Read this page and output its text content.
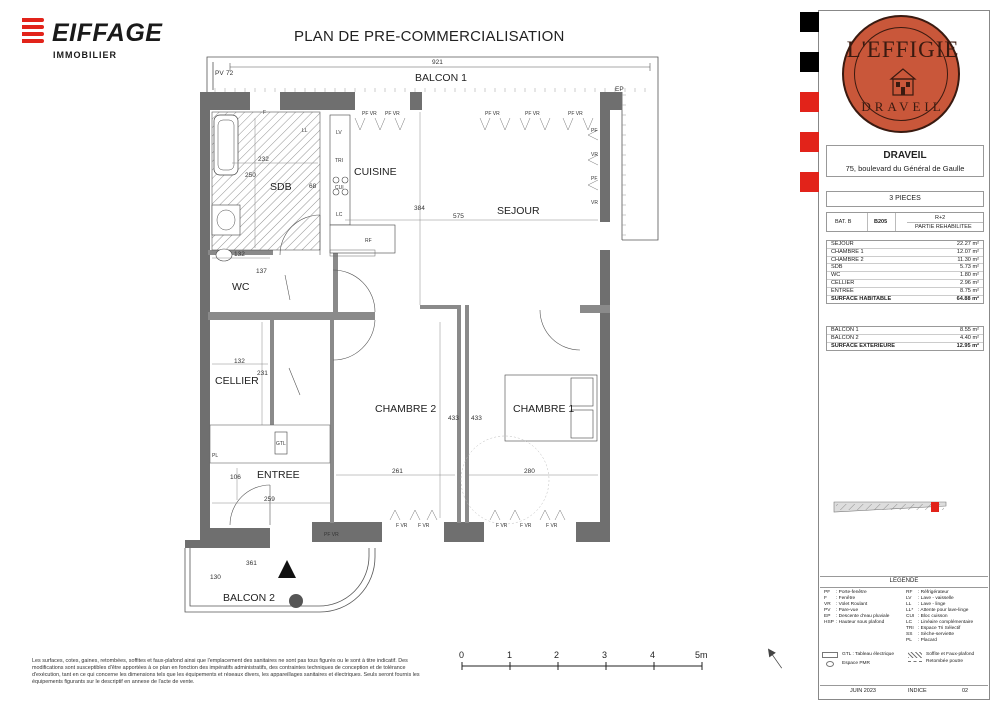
EIFFAGE
IMMOBILIER
PLAN DE PRE-COMMERCIALISATION
BALCON 1
CUISINE
SEJOUR
SDB
WC
CELLIER
CHAMBRE 2	CHAMBRE 1
ENTREE
BALCON 2
921
PV 72
EP
232
250
68
575
384
132
137
132
231
261
433
280
433
259
106
361
130
LL	LV
TRI
CUI
LC
RF
GTL
PL
PF VR PF VR	PF VR	PF VR	PF VR
F VR F VR	F VR	F VR	F VR
PF VR
F
PF
VR
PF
VR
Les surfaces, cotes, gaines, retombées, soffites et faux-plafond ainsi que l'emplacement des sanitaires ne sont pas tous figurés ou le sont à titre indicatif. Des modifications sont susceptibles d'être apportées à ce plan en fonction des impératifs administratifs, des contraintes techniques de conception et de tolérance d'exécution, tant en ce qui concerne les dimensions tels que les équipements et réseaux divers, les appareillages sanitaires et électriques. Seuls seront fournis les équipements figurants sur le descriptif en annexe de l'acte de vente.
0	1	2	3	4	5m
L'EFFIGIE
DRAVEIL
DRAVEIL
75, boulevard du Général de Gaulle
3 PIECES
BAT. B	B205
R+2
PARTIE REHABILITEE
SEJOUR	22.27 m²
CHAMBRE 1	12.07 m²
CHAMBRE 2	11.30 m²
SDB	5.73 m²
WC	1.80 m²
CELLIER	2.96 m²
ENTREE	8.75 m²
SURFACE HABITABLE	64.88 m²
BALCON 1	8.55 m²
BALCON 2	4.40 m²
SURFACE EXTERIEURE	12.95 m²
LEGENDE
PF : Porte-fenêtre
F : Fenêtre
VR : Volet Roulant
PV : Pare-vue
EP : Descente d'eau pluviale
HSP : Hauteur sous plafond
RF : Réfrigérateur
LV : Lave - vaisselle
LL : Lave - linge
LL* : Attente pour lave-linge
CUI : Bloc cuisson
LC : Linéaire complémentaire
TRI : Espace Tri Sélectif
SS : Sèche-serviette
PL : Placard
GTL : Tableau électrique
Espace PMR
Soffite et Faux-plafond
Retombée poutre
JUIN 2023	INDICE	02
